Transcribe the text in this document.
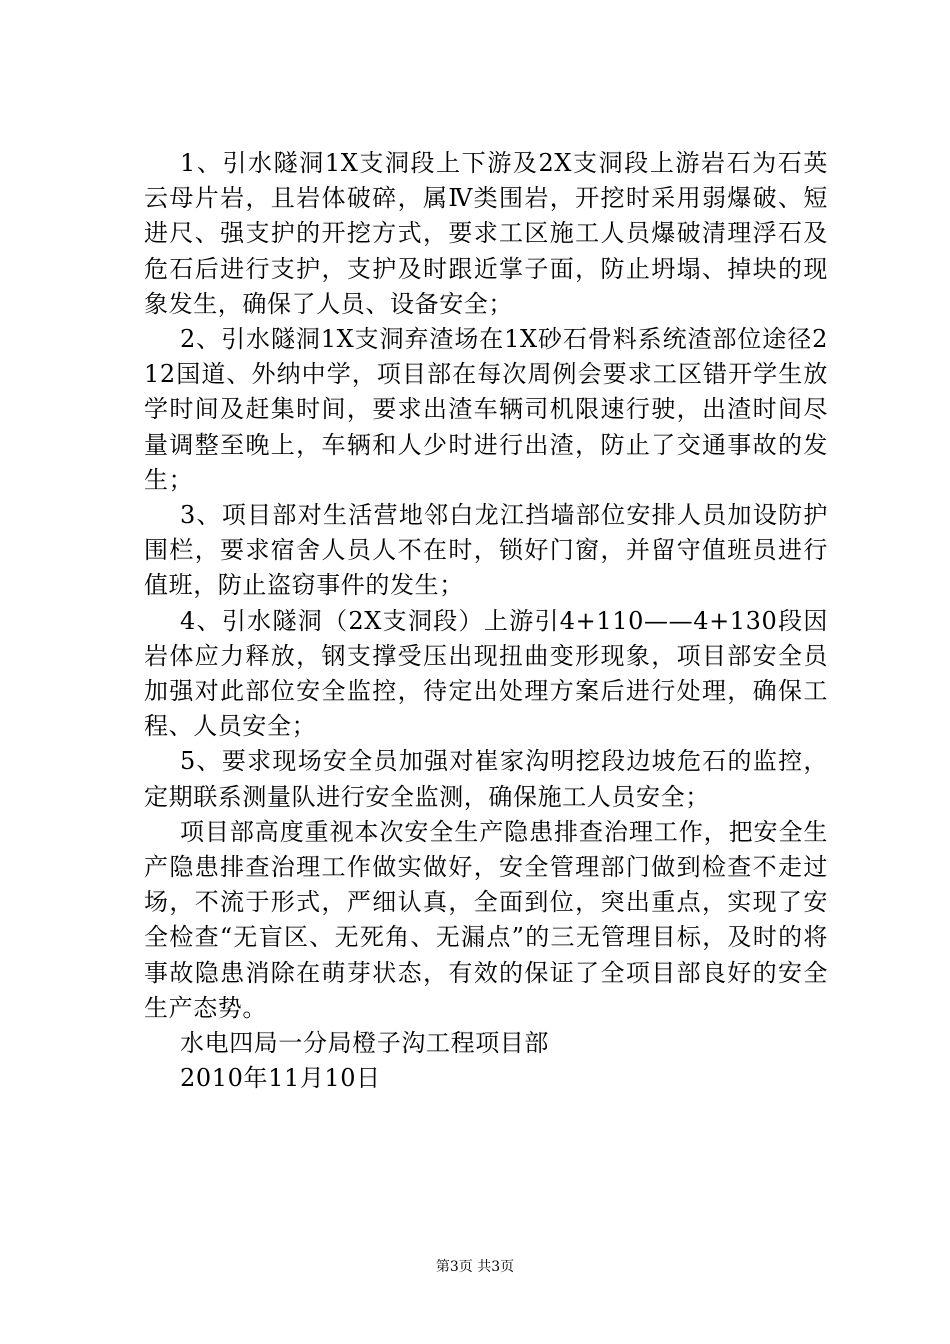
1、引水隧洞1X支洞段上下游及2X支洞段上游岩石为石英云母片岩，且岩体破碎，属Ⅳ类围岩，开挖时采用弱爆破、短进尺、强支护的开挖方式，要求工区施工人员爆破清理浮石及危石后进行支护，支护及时跟近掌子面，防止坍塌、掉块的现象发生，确保了人员、设备安全；

2、引水隧洞1X支洞弃渣场在1X砂石骨料系统渣部位途径212国道、外纳中学，项目部在每次周例会要求工区错开学生放学时间及赶集时间，要求出渣车辆司机限速行驶，出渣时间尽量调整至晚上，车辆和人少时进行出渣，防止了交通事故的发生；

3、项目部对生活营地邻白龙江挡墙部位安排人员加设防护围栏，要求宿舍人员人不在时，锁好门窗，并留守值班员进行值班，防止盗窃事件的发生；

4、引水隧洞（2X支洞段）上游引4+110——4+130段因岩体应力释放，钢支撑受压出现扭曲变形现象，项目部安全员加强对此部位安全监控，待定出处理方案后进行处理，确保工程、人员安全；

5、要求现场安全员加强对崔家沟明挖段边坡危石的监控，定期联系测量队进行安全监测，确保施工人员安全；

项目部高度重视本次安全生产隐患排查治理工作，把安全生产隐患排查治理工作做实做好，安全管理部门做到检查不走过场，不流于形式，严细认真，全面到位，突出重点，实现了安全检查“无盲区、无死角、无漏点”的三无管理目标，及时的将事故隐患消除在萌芽状态，有效的保证了全项目部良好的安全生产态势。

水电四局一分局橙子沟工程项目部

2010年11月10日

第3页 共3页
